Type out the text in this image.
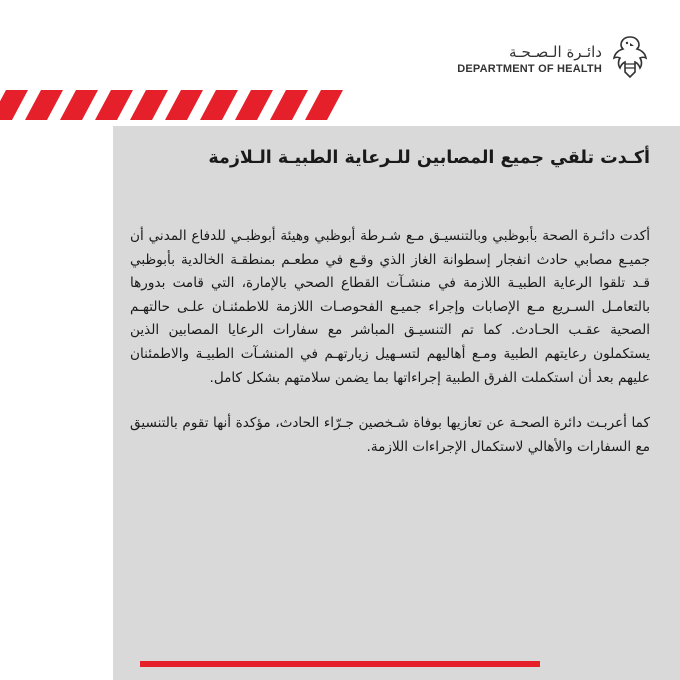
دائـرة الـصـحـة
DEPARTMENT OF HEALTH
أكـدت تلقي جميع المصابين للـرعاية الطبيـة الـلازمة

أكدت دائـرة الصحة بأبوظبي وبالتنسيـق مـع شـرطة أبوظبي وهيئة أبوظبـي للدفاع المدني أن جميـع مصابي حادث انفجار إسطوانة الغاز الذي وقـع في مطعـم بمنطقـة الخالدية بأبوظبي قـد تلقوا الرعاية الطبيـة اللازمة في منشـآت القطاع الصحي بالإمارة، التي قامت بدورها بالتعامـل السـريع مـع الإصابات وإجراء جميـع الفحوصـات اللازمة للاطمئنـان علـى حالتهـم الصحية عقـب الحـادث. كما تم التنسيـق المباشر مع سفارات الرعايا المصابين الذين يستكملون رعايتهم الطبية ومـع أهاليهم لتسـهيل زيارتهـم في المنشـآت الطبيـة والاطمئنان عليهم بعد أن استكملت الفرق الطبية إجراءاتها بما يضمن سلامتهم بشكل كامل.

كما أعربـت دائرة الصحـة عن تعازيها بوفاة شـخصين جـرّاء الحادث، مؤكدة أنها تقوم بالتنسيق مع السفارات والأهالي لاستكمال الإجراءات اللازمة.
